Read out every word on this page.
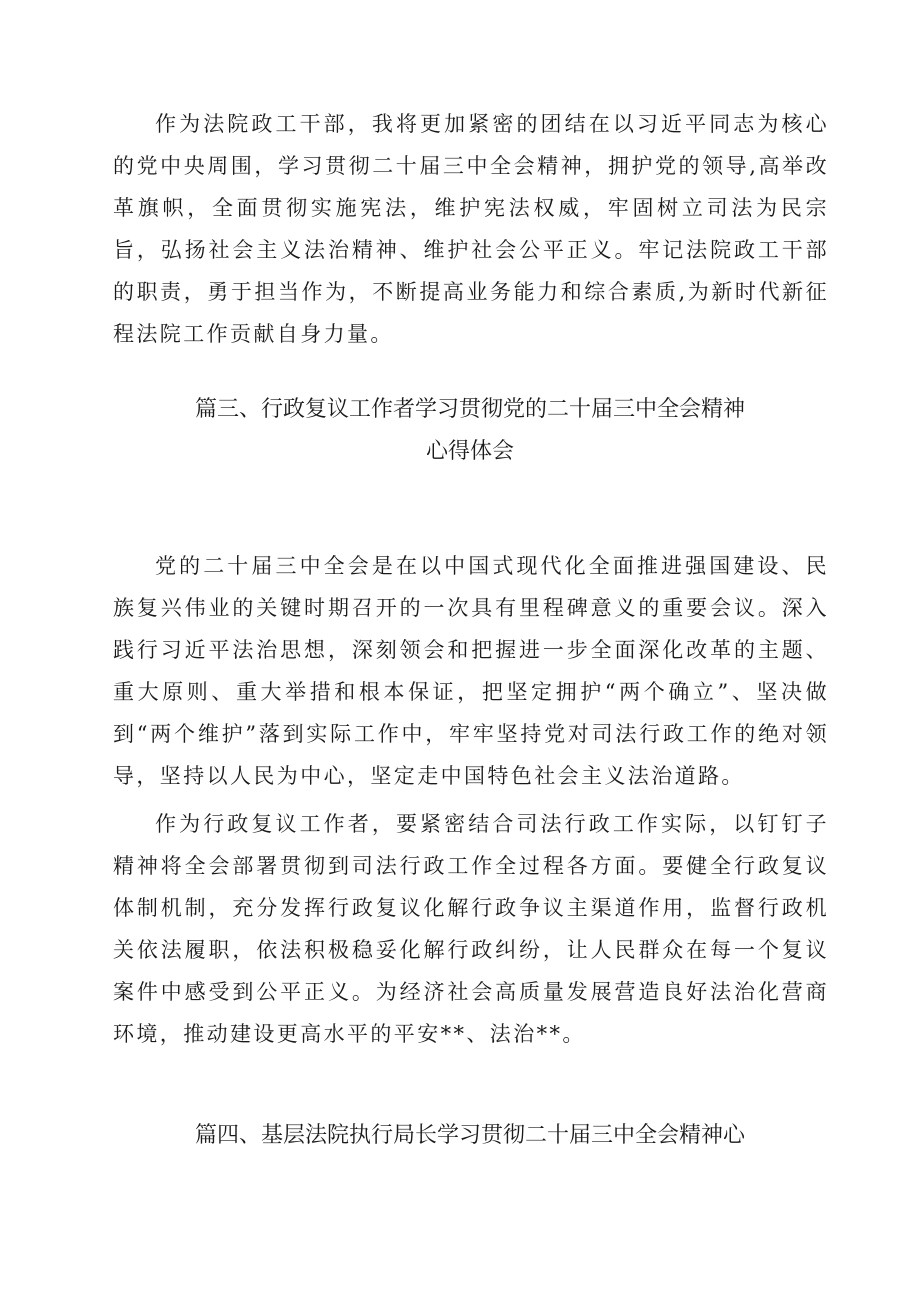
作为法院政工干部，我将更加紧密的团结在以习近平同志为核心的党中央周围，学习贯彻二十届三中全会精神，拥护党的领导,高举改革旗帜，全面贯彻实施宪法，维护宪法权威，牢固树立司法为民宗旨，弘扬社会主义法治精神、维护社会公平正义。牢记法院政工干部的职责，勇于担当作为，不断提高业务能力和综合素质,为新时代新征程法院工作贡献自身力量。

篇三、行政复议工作者学习贯彻党的二十届三中全会精神
心得体会

党的二十届三中全会是在以中国式现代化全面推进强国建设、民族复兴伟业的关键时期召开的一次具有里程碑意义的重要会议。深入践行习近平法治思想，深刻领会和把握进一步全面深化改革的主题、重大原则、重大举措和根本保证，把坚定拥护“两个确立”、坚决做到“两个维护”落到实际工作中，牢牢坚持党对司法行政工作的绝对领导，坚持以人民为中心，坚定走中国特色社会主义法治道路。

作为行政复议工作者，要紧密结合司法行政工作实际，以钉钉子精神将全会部署贯彻到司法行政工作全过程各方面。要健全行政复议体制机制，充分发挥行政复议化解行政争议主渠道作用，监督行政机关依法履职，依法积极稳妥化解行政纠纷，让人民群众在每一个复议案件中感受到公平正义。为经济社会高质量发展营造良好法治化营商环境，推动建设更高水平的平安**、法治**。

篇四、基层法院执行局长学习贯彻二十届三中全会精神心
